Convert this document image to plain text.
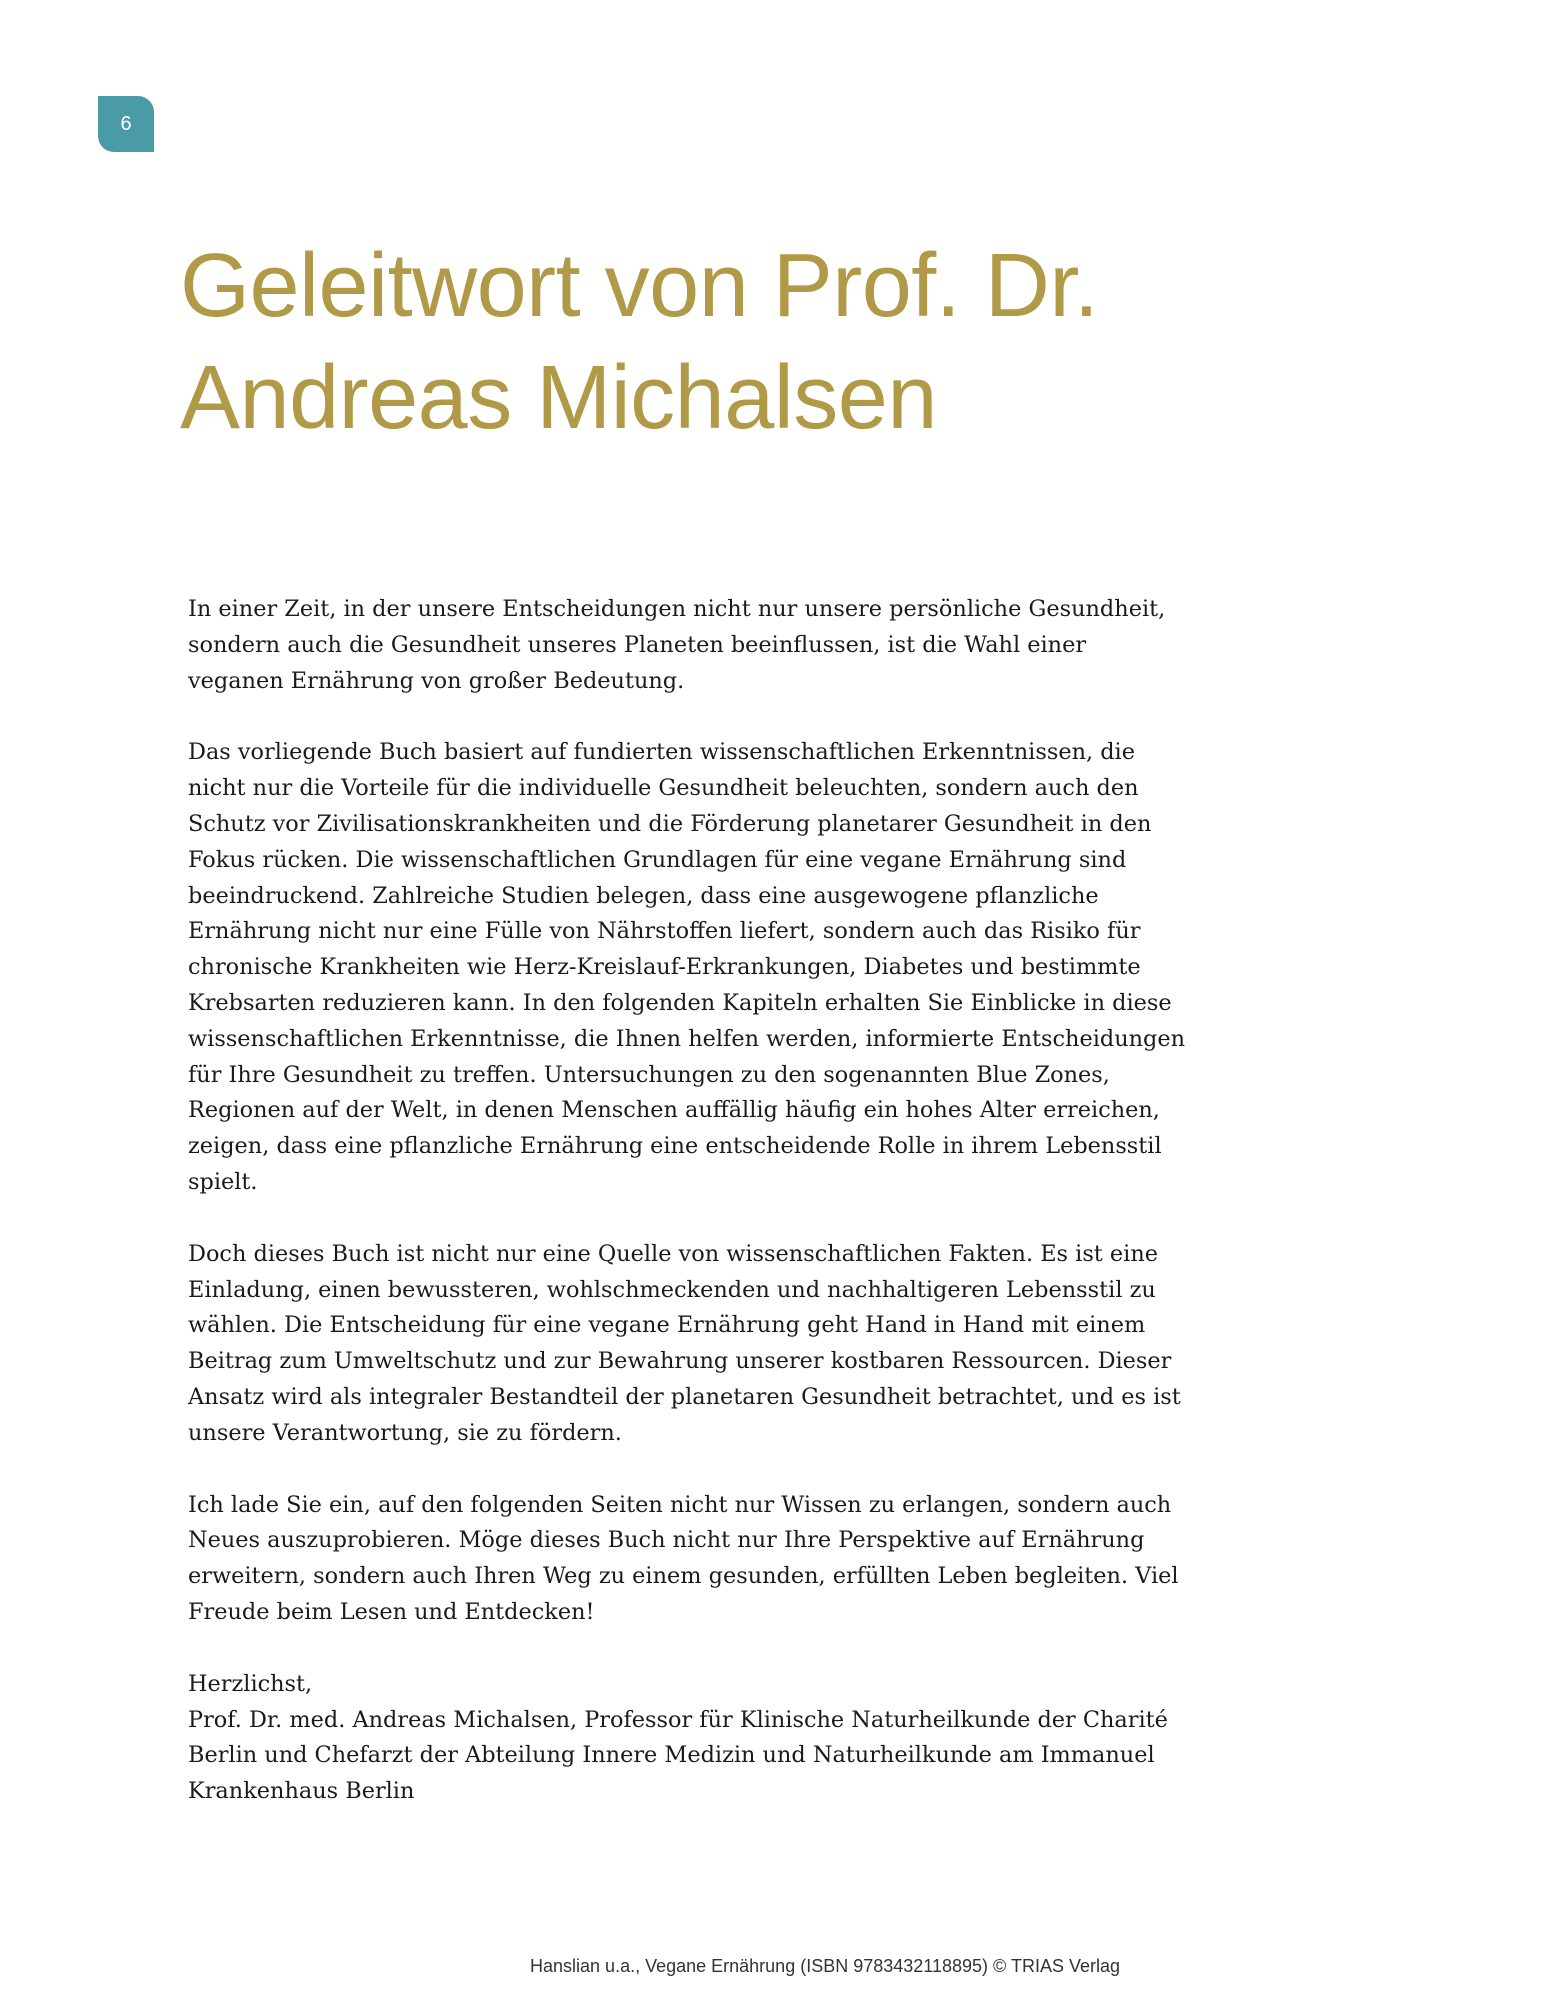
6
Geleitwort von Prof. Dr. Andreas Michalsen

In einer Zeit, in der unsere Entscheidungen nicht nur unsere persönliche Gesundheit, sondern auch die Gesundheit unseres Planeten beeinflussen, ist die Wahl einer veganen Ernährung von großer Bedeutung.

Das vorliegende Buch basiert auf fundierten wissenschaftlichen Erkenntnissen, die nicht nur die Vorteile für die individuelle Gesundheit beleuchten, sondern auch den Schutz vor Zivilisationskrankheiten und die Förderung planetarer Gesundheit in den Fokus rücken. Die wissenschaftlichen Grundlagen für eine vegane Ernährung sind beeindruckend. Zahlreiche Studien belegen, dass eine ausgewogene pflanzliche Ernährung nicht nur eine Fülle von Nährstoffen liefert, sondern auch das Risiko für chronische Krankheiten wie Herz-Kreislauf-Erkrankungen, Diabetes und bestimmte Krebsarten reduzieren kann. In den folgenden Kapiteln erhalten Sie Einblicke in diese wissenschaftlichen Erkenntnisse, die Ihnen helfen werden, informierte Entscheidungen für Ihre Gesundheit zu treffen. Untersuchungen zu den sogenannten Blue Zones, Regionen auf der Welt, in denen Menschen auffällig häufig ein hohes Alter erreichen, zeigen, dass eine pflanzliche Ernährung eine entscheidende Rolle in ihrem Lebensstil spielt.

Doch dieses Buch ist nicht nur eine Quelle von wissenschaftlichen Fakten. Es ist eine Einladung, einen bewussteren, wohlschmeckenden und nachhaltigeren Lebensstil zu wählen. Die Entscheidung für eine vegane Ernährung geht Hand in Hand mit einem Beitrag zum Umweltschutz und zur Bewahrung unserer kostbaren Ressourcen. Dieser Ansatz wird als integraler Bestandteil der planetaren Gesundheit betrachtet, und es ist unsere Verantwortung, sie zu fördern.

Ich lade Sie ein, auf den folgenden Seiten nicht nur Wissen zu erlangen, sondern auch Neues auszuprobieren. Möge dieses Buch nicht nur Ihre Perspektive auf Ernährung erweitern, sondern auch Ihren Weg zu einem gesunden, erfüllten Leben begleiten. Viel Freude beim Lesen und Entdecken!

Herzlichst,
Prof. Dr. med. Andreas Michalsen, Professor für Klinische Naturheilkunde der Charité Berlin und Chefarzt der Abteilung Innere Medizin und Naturheilkunde am Immanuel Krankenhaus Berlin

Hanslian u.a., Vegane Ernährung (ISBN 9783432118895) © TRIAS Verlag
